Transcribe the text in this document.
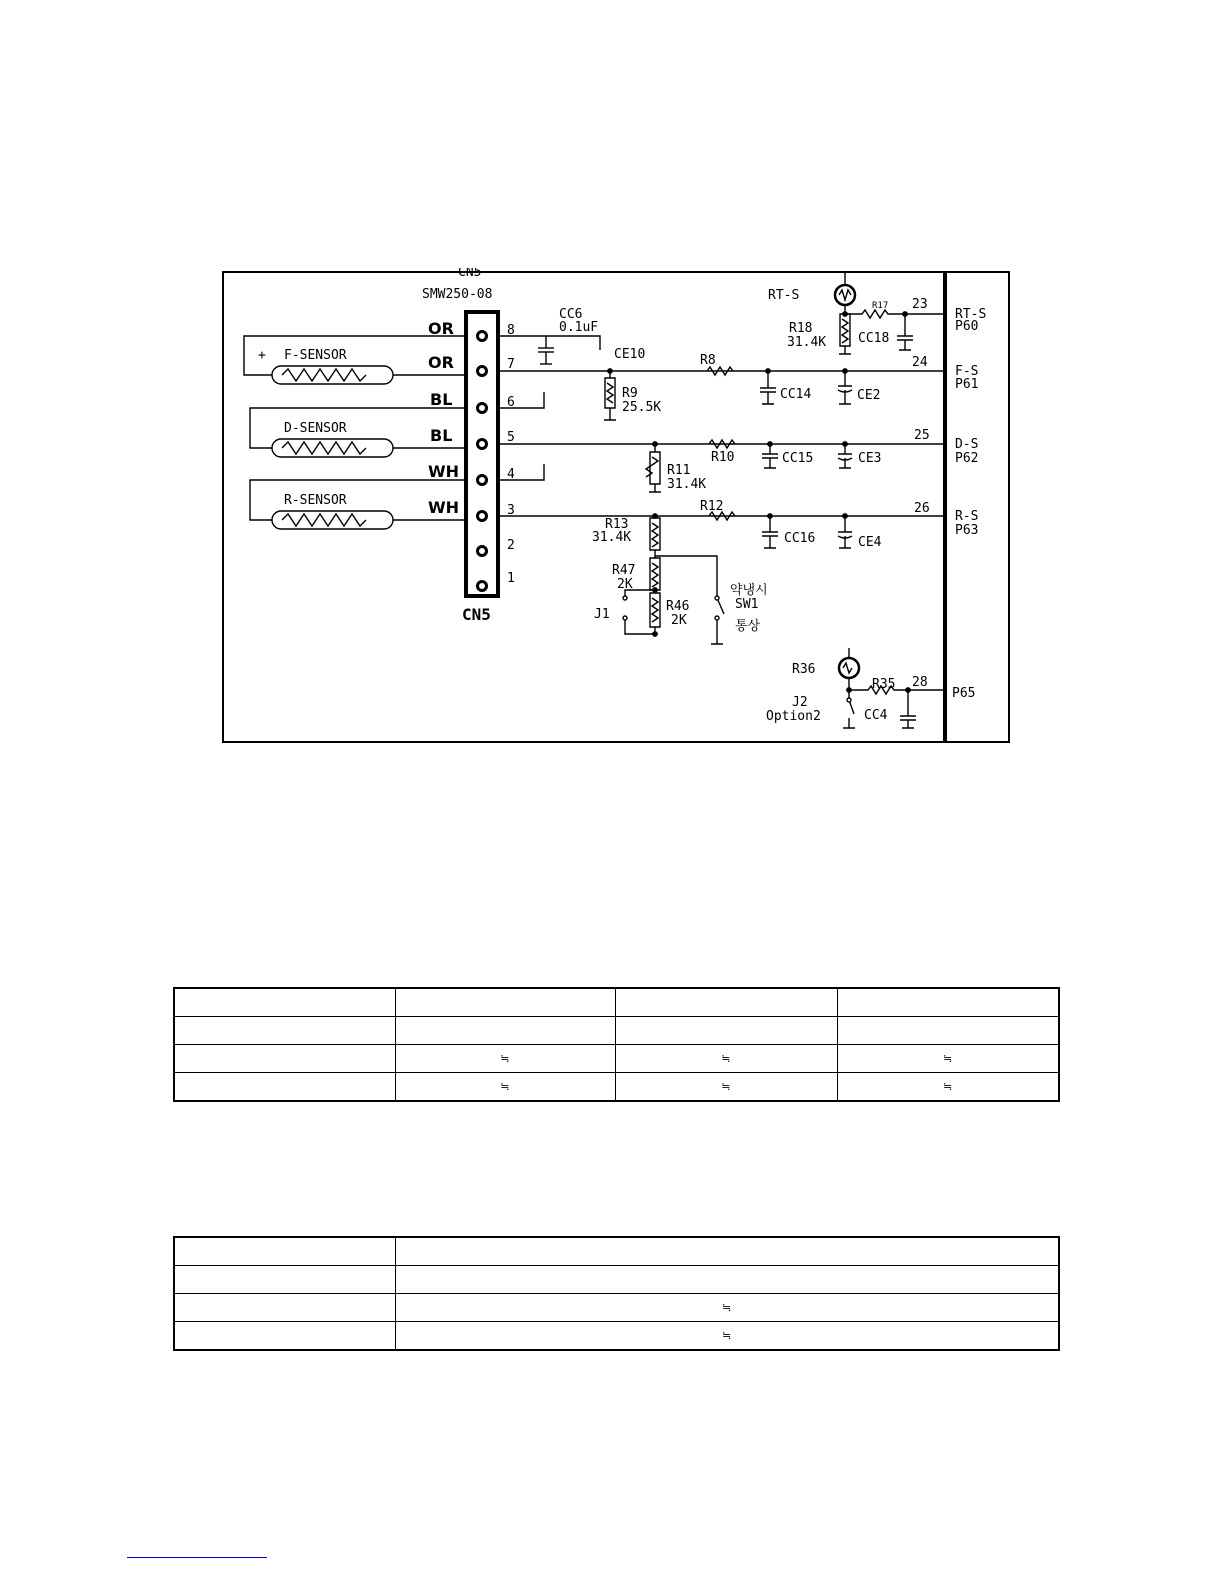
CN5
SMW250-08
CN5
OR
OR
BL
BL
WH
WH
8
7
6
5
4
3
2
1
+ F-SENSOR
D-SENSOR
R-SENSOR
CC6
0.1uF
CE10	R8
R9
25.5K
CC14	CE2
R10
R11
31.4K
CC15	CE3
R12
R13
31.4K	CC16	CE4
R47
2K
R46
2K
J1
약냉시
SW1
통상
RT-S
R17
R18
31.4K CC18
R36
R35
J2
Option2	CC4
23
RT-S
P60
24
F-S
P61
25
D-S
P62
26
R-S
P63
28
P65

	≒	≒	≒
	≒	≒	≒

	≒
	≒
